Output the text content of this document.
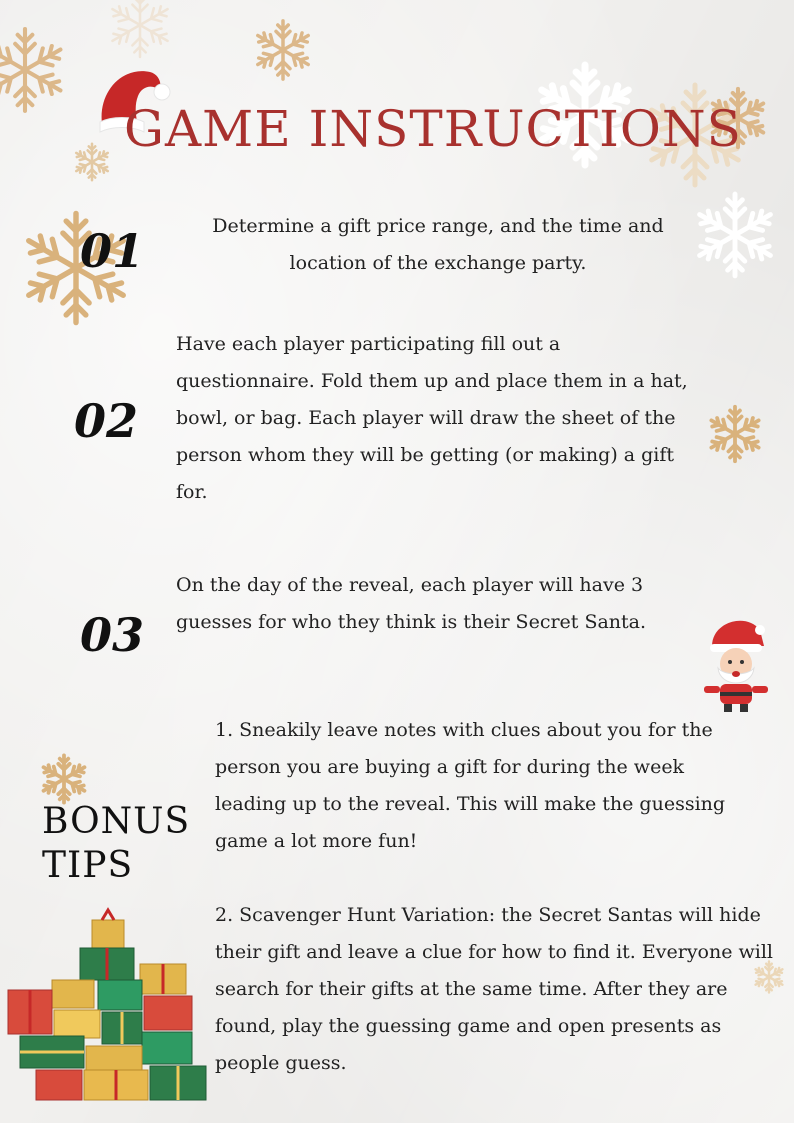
GAME INSTRUCTIONS
01	Determine a gift price range, and the time and location of the exchange party.

02

Have each player participating fill out a questionnaire. Fold them up and place them in a hat, bowl, or bag. Each player will draw the sheet of the person whom they will be getting (or making) a gift for.

03

On the day of the reveal, each player will have 3 guesses for who they think is their Secret Santa.

BONUS
TIPS

1. Sneakily leave notes with clues about you for the person you are buying a gift for during the week leading up to the reveal. This will make the guessing game a lot more fun!

2. Scavenger Hunt Variation: the Secret Santas will hide their gift and leave a clue for how to find it. Everyone will search for their gifts at the same time. After they are found, play the guessing game and open presents as people guess.
